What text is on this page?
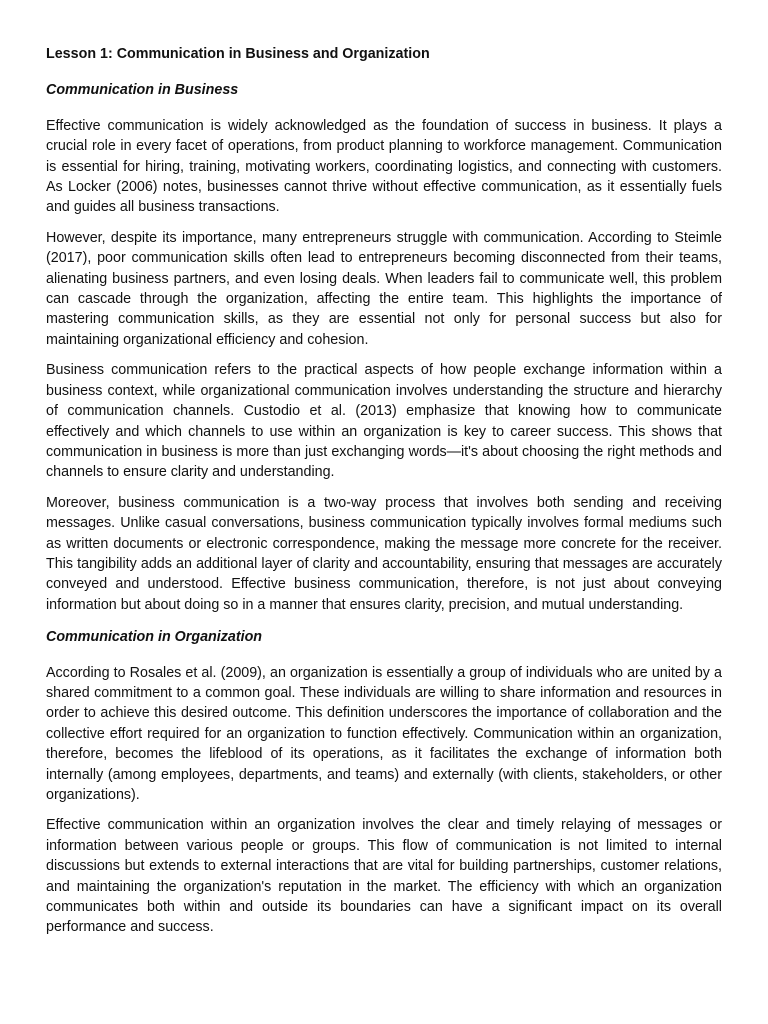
Lesson 1: Communication in Business and Organization
Communication in Business

Effective communication is widely acknowledged as the foundation of success in business. It plays a crucial role in every facet of operations, from product planning to workforce management. Communication is essential for hiring, training, motivating workers, coordinating logistics, and connecting with customers. As Locker (2006) notes, businesses cannot thrive without effective communication, as it essentially fuels and guides all business transactions.

However, despite its importance, many entrepreneurs struggle with communication. According to Steimle (2017), poor communication skills often lead to entrepreneurs becoming disconnected from their teams, alienating business partners, and even losing deals. When leaders fail to communicate well, this problem can cascade through the organization, affecting the entire team. This highlights the importance of mastering communication skills, as they are essential not only for personal success but also for maintaining organizational efficiency and cohesion.

Business communication refers to the practical aspects of how people exchange information within a business context, while organizational communication involves understanding the structure and hierarchy of communication channels. Custodio et al. (2013) emphasize that knowing how to communicate effectively and which channels to use within an organization is key to career success. This shows that communication in business is more than just exchanging words—it's about choosing the right methods and channels to ensure clarity and understanding.

Moreover, business communication is a two-way process that involves both sending and receiving messages. Unlike casual conversations, business communication typically involves formal mediums such as written documents or electronic correspondence, making the message more concrete for the receiver. This tangibility adds an additional layer of clarity and accountability, ensuring that messages are accurately conveyed and understood. Effective business communication, therefore, is not just about conveying information but about doing so in a manner that ensures clarity, precision, and mutual understanding.

Communication in Organization

According to Rosales et al. (2009), an organization is essentially a group of individuals who are united by a shared commitment to a common goal. These individuals are willing to share information and resources in order to achieve this desired outcome. This definition underscores the importance of collaboration and the collective effort required for an organization to function effectively. Communication within an organization, therefore, becomes the lifeblood of its operations, as it facilitates the exchange of information both internally (among employees, departments, and teams) and externally (with clients, stakeholders, or other organizations).

Effective communication within an organization involves the clear and timely relaying of messages or information between various people or groups. This flow of communication is not limited to internal discussions but extends to external interactions that are vital for building partnerships, customer relations, and maintaining the organization's reputation in the market. The efficiency with which an organization communicates both within and outside its boundaries can have a significant impact on its overall performance and success.
